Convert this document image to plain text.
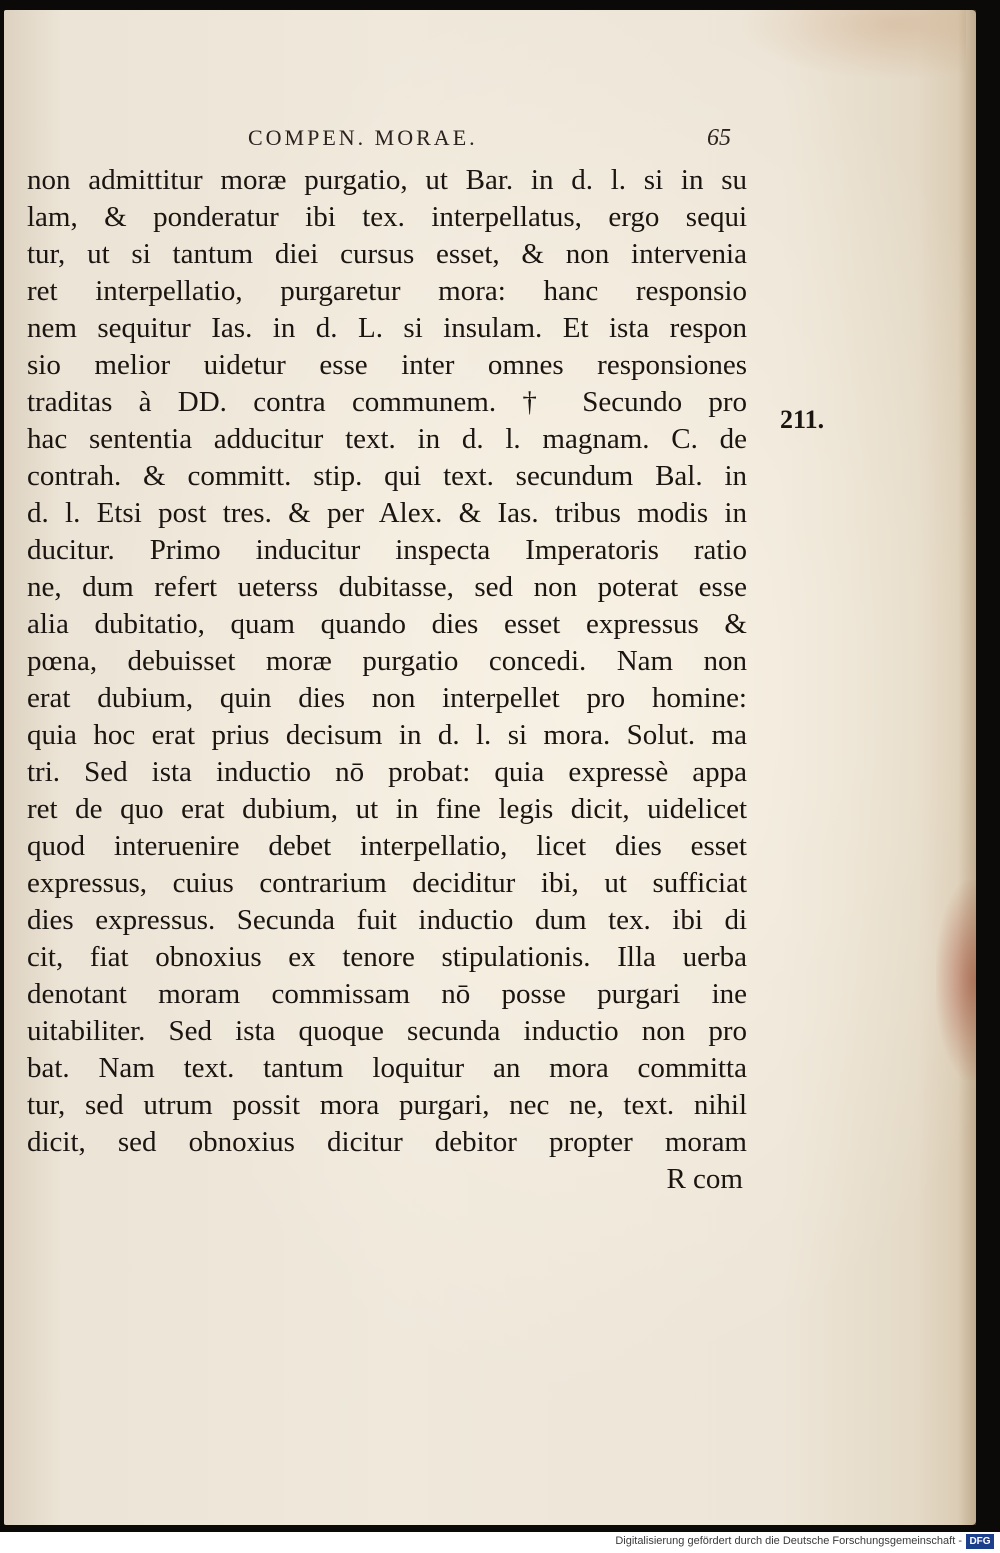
COMPEN. MORAE.	65
non admittitur moræ purgatio, ut Bar. in d. l. si in su
lam, & ponderatur ibi tex. interpellatus, ergo sequi
tur, ut si tantum diei cursus esset, & non intervenia
ret interpellatio, purgaretur mora: hanc responsio
nem sequitur Ias. in d. L. si insulam. Et ista respon
sio melior uidetur esse inter omnes responsiones
traditas à DD. contra communem. † Secundo pro
hac sententia adducitur text. in d. l. magnam. C. de
contrah. & committ. stip. qui text. secundum Bal. in
d. l. Etsi post tres. & per Alex. & Ias. tribus modis in
ducitur. Primo inducitur inspecta Imperatoris ratio
ne, dum refert ueterss dubitasse, sed non poterat esse
alia dubitatio, quam quando dies esset expressus &
pœna, debuisset moræ purgatio concedi. Nam non
erat dubium, quin dies non interpellet pro homine:
quia hoc erat prius decisum in d. l. si mora. Solut. ma
tri. Sed ista inductio nō probat: quia expressè appa
ret de quo erat dubium, ut in fine legis dicit, uidelicet
quod interuenire debet interpellatio, licet dies esset
expressus, cuius contrarium deciditur ibi, ut sufficiat
dies expressus. Secunda fuit inductio dum tex. ibi di
cit, fiat obnoxius ex tenore stipulationis. Illa uerba
denotant moram commissam nō posse purgari ine
uitabiliter. Sed ista quoque secunda inductio non pro
bat. Nam text. tantum loquitur an mora committa
tur, sed utrum possit mora purgari, nec ne, text. nihil
dicit, sed obnoxius dicitur debitor propter moram
R com
211.
Digitalisierung gefördert durch die Deutsche Forschungsgemeinschaft - DFG
